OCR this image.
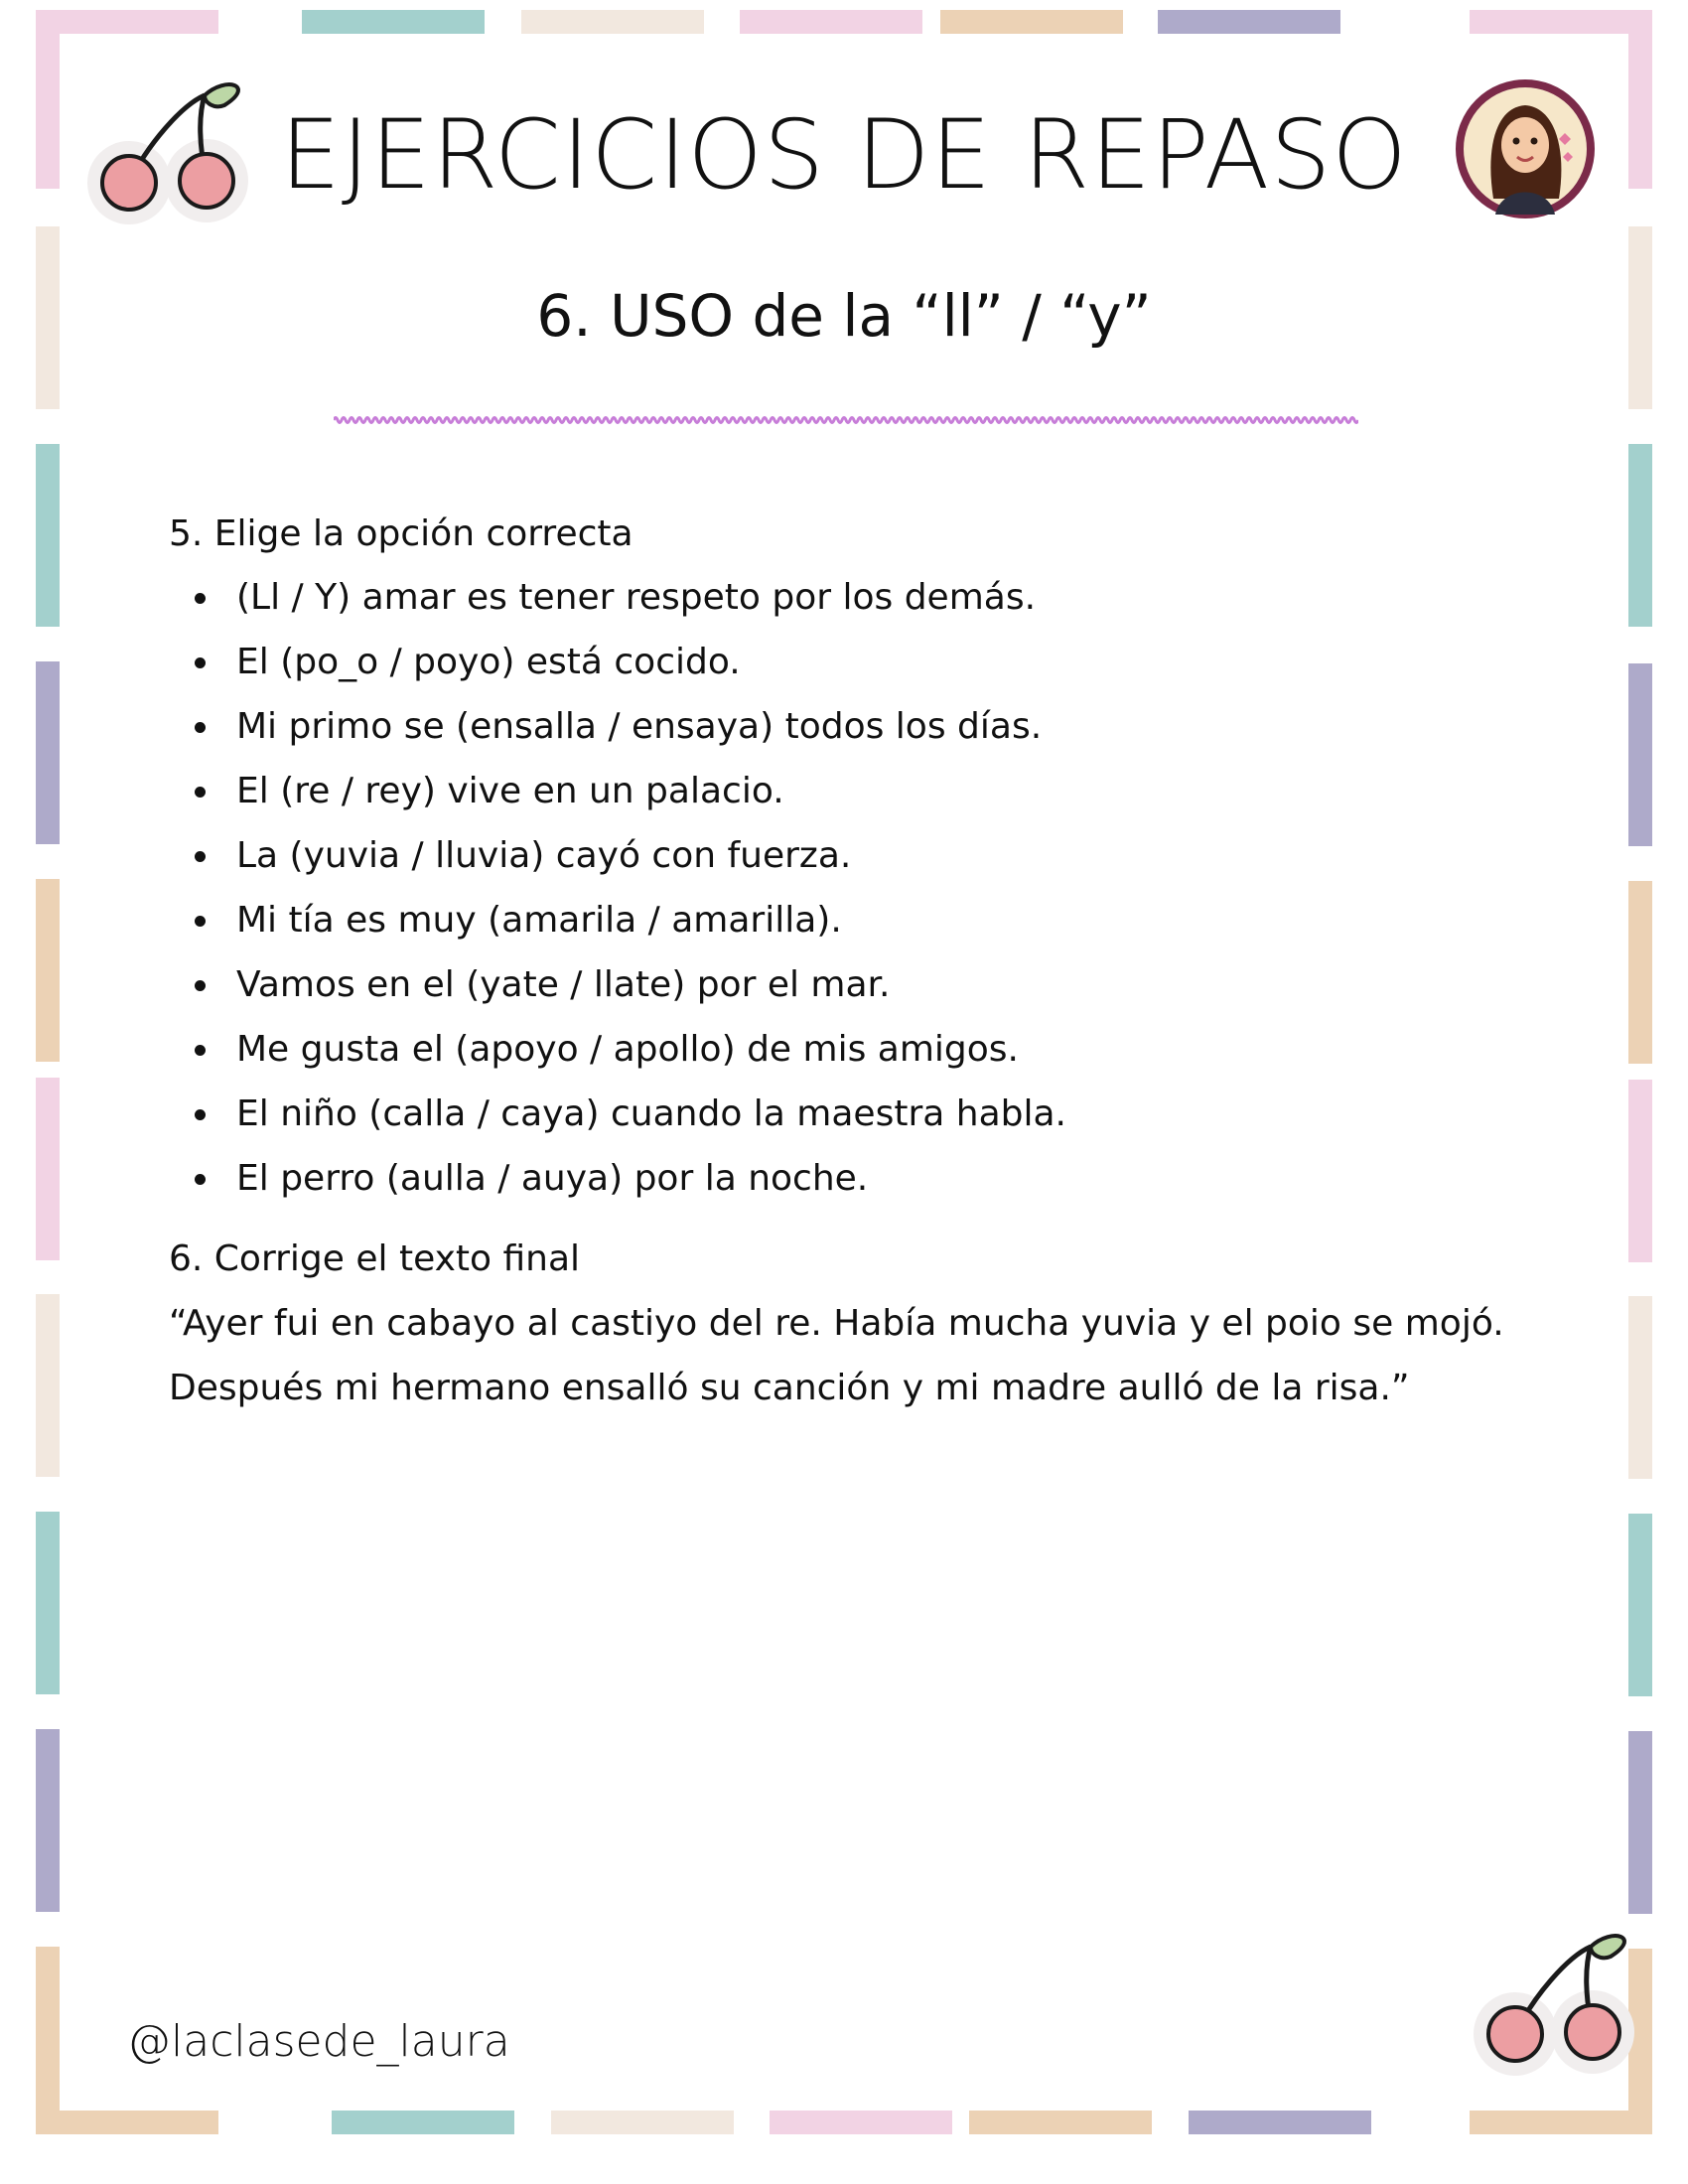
EJERCICIOS DE REPASO
6. USO de la “ll” / “y”

5. Elige la opción correcta

(Ll / Y) amar es tener respeto por los demás.
El (po_o / poyo) está cocido.
Mi primo se (ensalla / ensaya) todos los días.
El (re / rey) vive en un palacio.
La (yuvia / lluvia) cayó con fuerza.
Mi tía es muy (amarila / amarilla).
Vamos en el (yate / llate) por el mar.
Me gusta el (apoyo / apollo) de mis amigos.
El niño (calla / caya) cuando la maestra habla.
El perro (aulla / auya) por la noche.

6. Corrige el texto final

“Ayer fui en cabayo al castiyo del re. Había mucha yuvia y el poio se mojó. Después mi hermano ensalló su canción y mi madre aulló de la risa.”

@laclasede_laura
